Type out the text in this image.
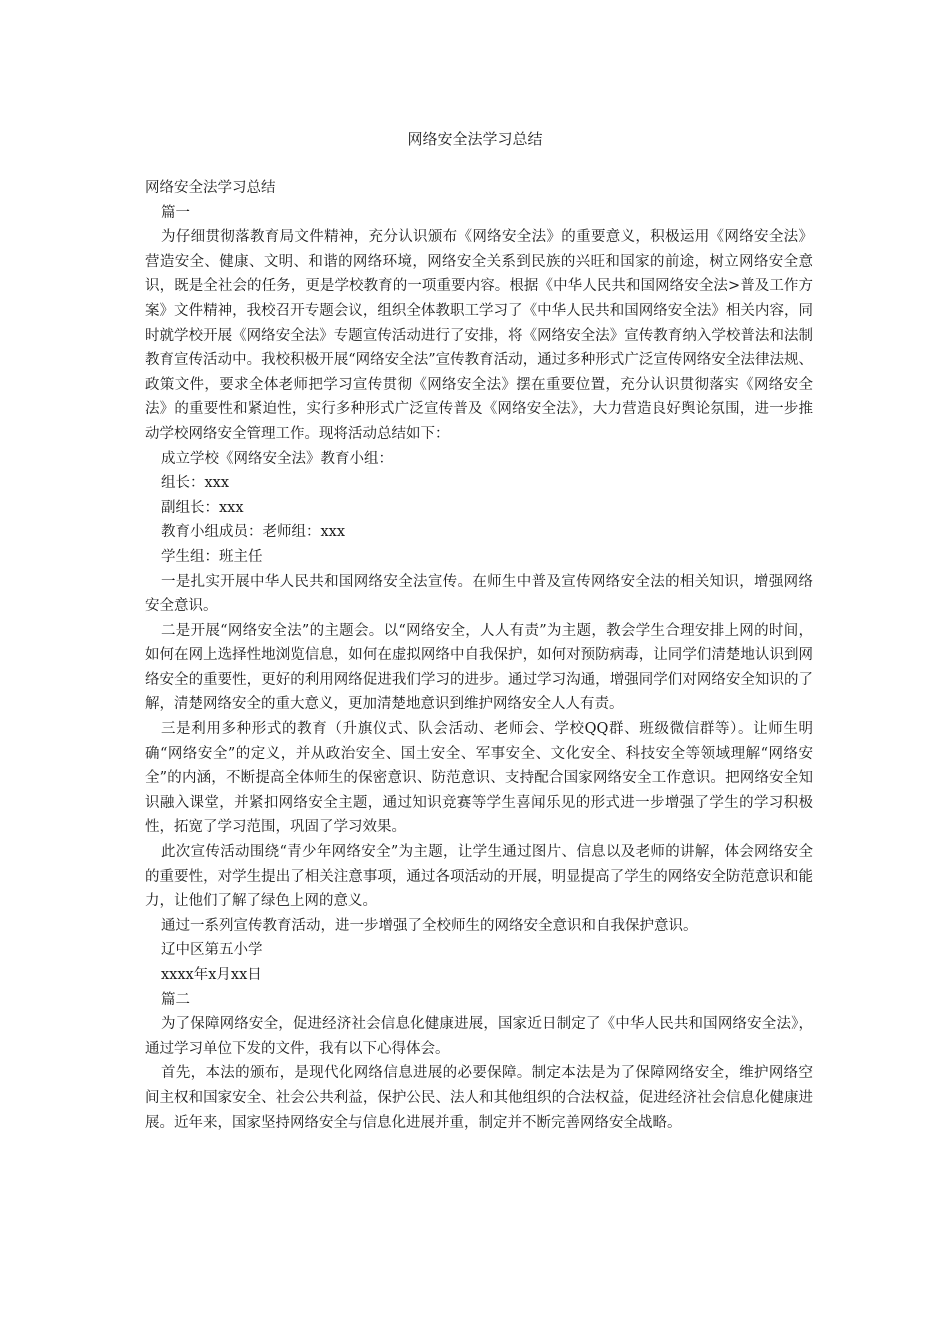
网络安全法学习总结

网络安全法学习总结

篇一

为仔细贯彻落教育局文件精神，充分认识颁布《网络安全法》的重要意义，积极运用《网络安全法》营造安全、健康、文明、和谐的网络环境，网络安全关系到民族的兴旺和国家的前途，树立网络安全意识，既是全社会的任务，更是学校教育的一项重要内容。根据《中华人民共和国网络安全法>普及工作方案》文件精神，我校召开专题会议，组织全体教职工学习了《中华人民共和国网络安全法》相关内容，同时就学校开展《网络安全法》专题宣传活动进行了安排，将《网络安全法》宣传教育纳入学校普法和法制教育宣传活动中。我校积极开展“网络安全法”宣传教育活动，通过多种形式广泛宣传网络安全法律法规、政策文件，要求全体老师把学习宣传贯彻《网络安全法》摆在重要位置，充分认识贯彻落实《网络安全法》的重要性和紧迫性，实行多种形式广泛宣传普及《网络安全法》，大力营造良好舆论氛围，进一步推动学校网络安全管理工作。现将活动总结如下：

成立学校《网络安全法》教育小组：

组长：xxx

副组长：xxx

教育小组成员：老师组：xxx

学生组：班主任

一是扎实开展中华人民共和国网络安全法宣传。在师生中普及宣传网络安全法的相关知识，增强网络安全意识。

二是开展“网络安全法”的主题会。以“网络安全，人人有责”为主题，教会学生合理安排上网的时间，如何在网上选择性地浏览信息，如何在虚拟网络中自我保护，如何对预防病毒，让同学们清楚地认识到网络安全的重要性，更好的利用网络促进我们学习的进步。通过学习沟通，增强同学们对网络安全知识的了解，清楚网络安全的重大意义，更加清楚地意识到维护网络安全人人有责。

三是利用多种形式的教育（升旗仪式、队会活动、老师会、学校QQ群、班级微信群等）。让师生明确“网络安全”的定义，并从政治安全、国土安全、军事安全、文化安全、科技安全等领域理解“网络安全”的内涵，不断提高全体师生的保密意识、防范意识、支持配合国家网络安全工作意识。把网络安全知识融入课堂，并紧扣网络安全主题，通过知识竞赛等学生喜闻乐见的形式进一步增强了学生的学习积极性，拓宽了学习范围，巩固了学习效果。

此次宣传活动围绕“青少年网络安全”为主题，让学生通过图片、信息以及老师的讲解，体会网络安全的重要性，对学生提出了相关注意事项，通过各项活动的开展，明显提高了学生的网络安全防范意识和能力，让他们了解了绿色上网的意义。

通过一系列宣传教育活动，进一步增强了全校师生的网络安全意识和自我保护意识。

辽中区第五小学

xxxx年x月xx日

篇二

为了保障网络安全，促进经济社会信息化健康进展，国家近日制定了《中华人民共和国网络安全法》，通过学习单位下发的文件，我有以下心得体会。

首先，本法的颁布，是现代化网络信息进展的必要保障。制定本法是为了保障网络安全，维护网络空间主权和国家安全、社会公共利益，保护公民、法人和其他组织的合法权益，促进经济社会信息化健康进展。近年来，国家坚持网络安全与信息化进展并重，制定并不断完善网络安全战略。
